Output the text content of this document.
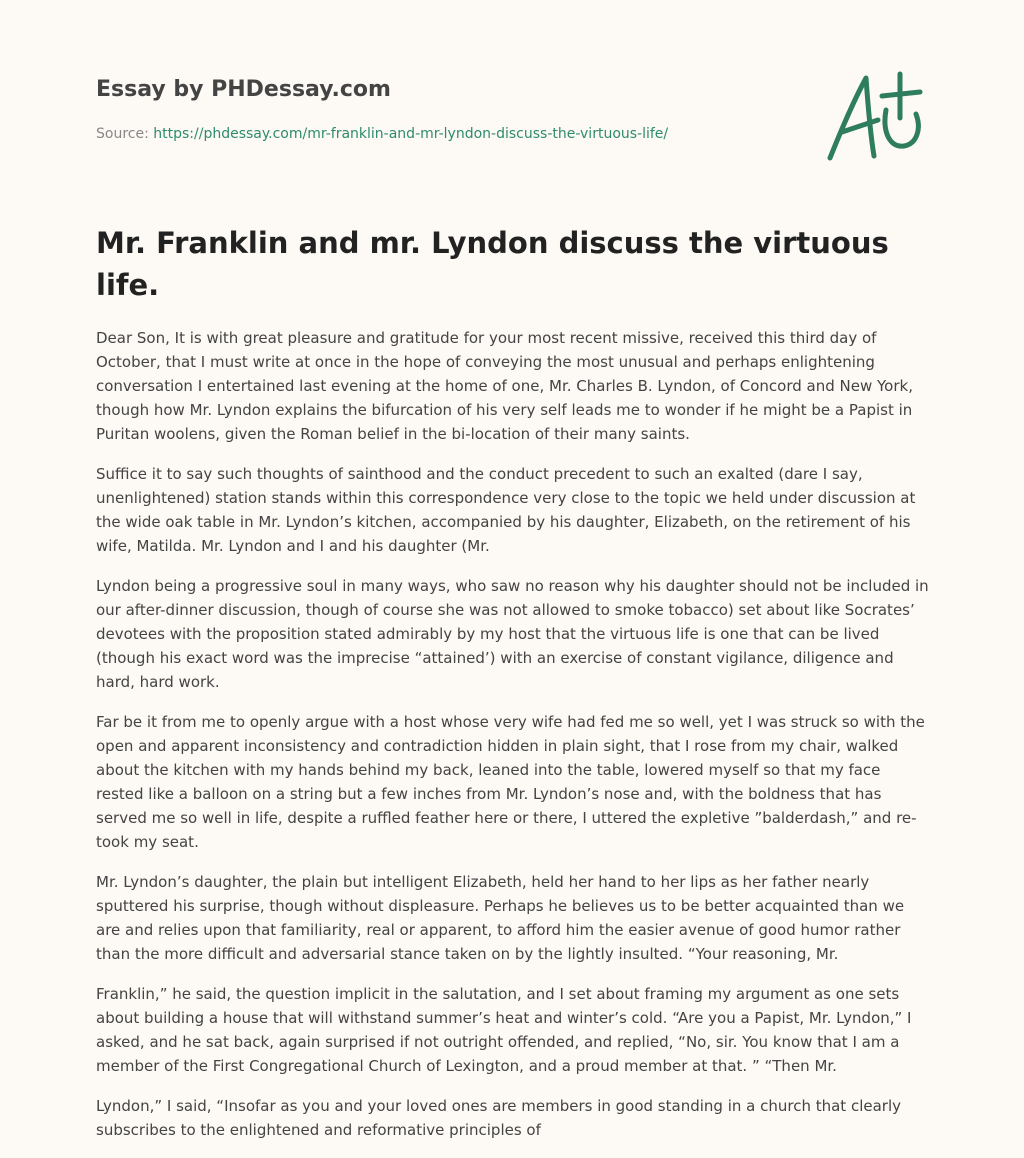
Essay by PHDessay.com
Source: https://phdessay.com/mr-franklin-and-mr-lyndon-discuss-the-virtuous-life/
Mr. Franklin and mr. Lyndon discuss the virtuous life.

Dear Son, It is with great pleasure and gratitude for your most recent missive, received this third day of October, that I must write at once in the hope of conveying the most unusual and perhaps enlightening conversation I entertained last evening at the home of one, Mr. Charles B. Lyndon, of Concord and New York, though how Mr. Lyndon explains the bifurcation of his very self leads me to wonder if he might be a Papist in Puritan woolens, given the Roman belief in the bi-location of their many saints.

Suffice it to say such thoughts of sainthood and the conduct precedent to such an exalted (dare I say, unenlightened) station stands within this correspondence very close to the topic we held under discussion at the wide oak table in Mr. Lyndon’s kitchen, accompanied by his daughter, Elizabeth, on the retirement of his wife, Matilda. Mr. Lyndon and I and his daughter (Mr.

Lyndon being a progressive soul in many ways, who saw no reason why his daughter should not be included in our after-dinner discussion, though of course she was not allowed to smoke tobacco) set about like Socrates’ devotees with the proposition stated admirably by my host that the virtuous life is one that can be lived (though his exact word was the imprecise “attained’) with an exercise of constant vigilance, diligence and hard, hard work.

Far be it from me to openly argue with a host whose very wife had fed me so well, yet I was struck so with the open and apparent inconsistency and contradiction hidden in plain sight, that I rose from my chair, walked about the kitchen with my hands behind my back, leaned into the table, lowered myself so that my face rested like a balloon on a string but a few inches from Mr. Lyndon’s nose and, with the boldness that has served me so well in life, despite a ruffled feather here or there, I uttered the expletive ”balderdash,” and re-took my seat.

Mr. Lyndon’s daughter, the plain but intelligent Elizabeth, held her hand to her lips as her father nearly sputtered his surprise, though without displeasure. Perhaps he believes us to be better acquainted than we are and relies upon that familiarity, real or apparent, to afford him the easier avenue of good humor rather than the more difficult and adversarial stance taken on by the lightly insulted. “Your reasoning, Mr.

Franklin,” he said, the question implicit in the salutation, and I set about framing my argument as one sets about building a house that will withstand summer’s heat and winter’s cold. “Are you a Papist, Mr. Lyndon,” I asked, and he sat back, again surprised if not outright offended, and replied, “No, sir. You know that I am a member of the First Congregational Church of Lexington, and a proud member at that. ” “Then Mr.

Lyndon,” I said, “Insofar as you and your loved ones are members in good standing in a church that clearly subscribes to the enlightened and reformative principles of
